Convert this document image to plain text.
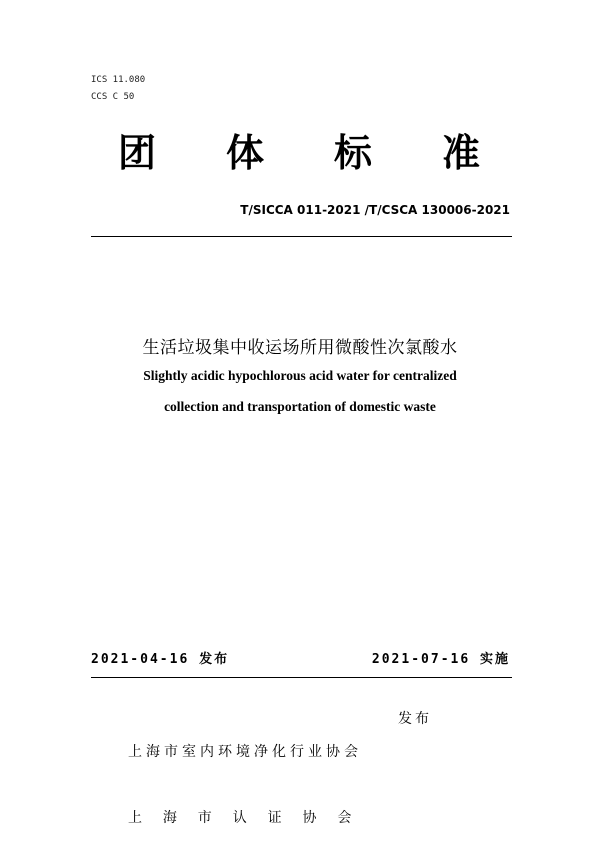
ICS 11.080
CCS C 50
团 体 标 准
T/SICCA 011-2021 /T/CSCA 130006-2021
生活垃圾集中收运场所用微酸性次氯酸水
Slightly acidic hypochlorous acid water for centralized
collection and transportation of domestic waste
2021-04-16 发布	2021-07-16 实施

上海市室内环境净化行业协会

上  海  市  认  证  协  会

发布
